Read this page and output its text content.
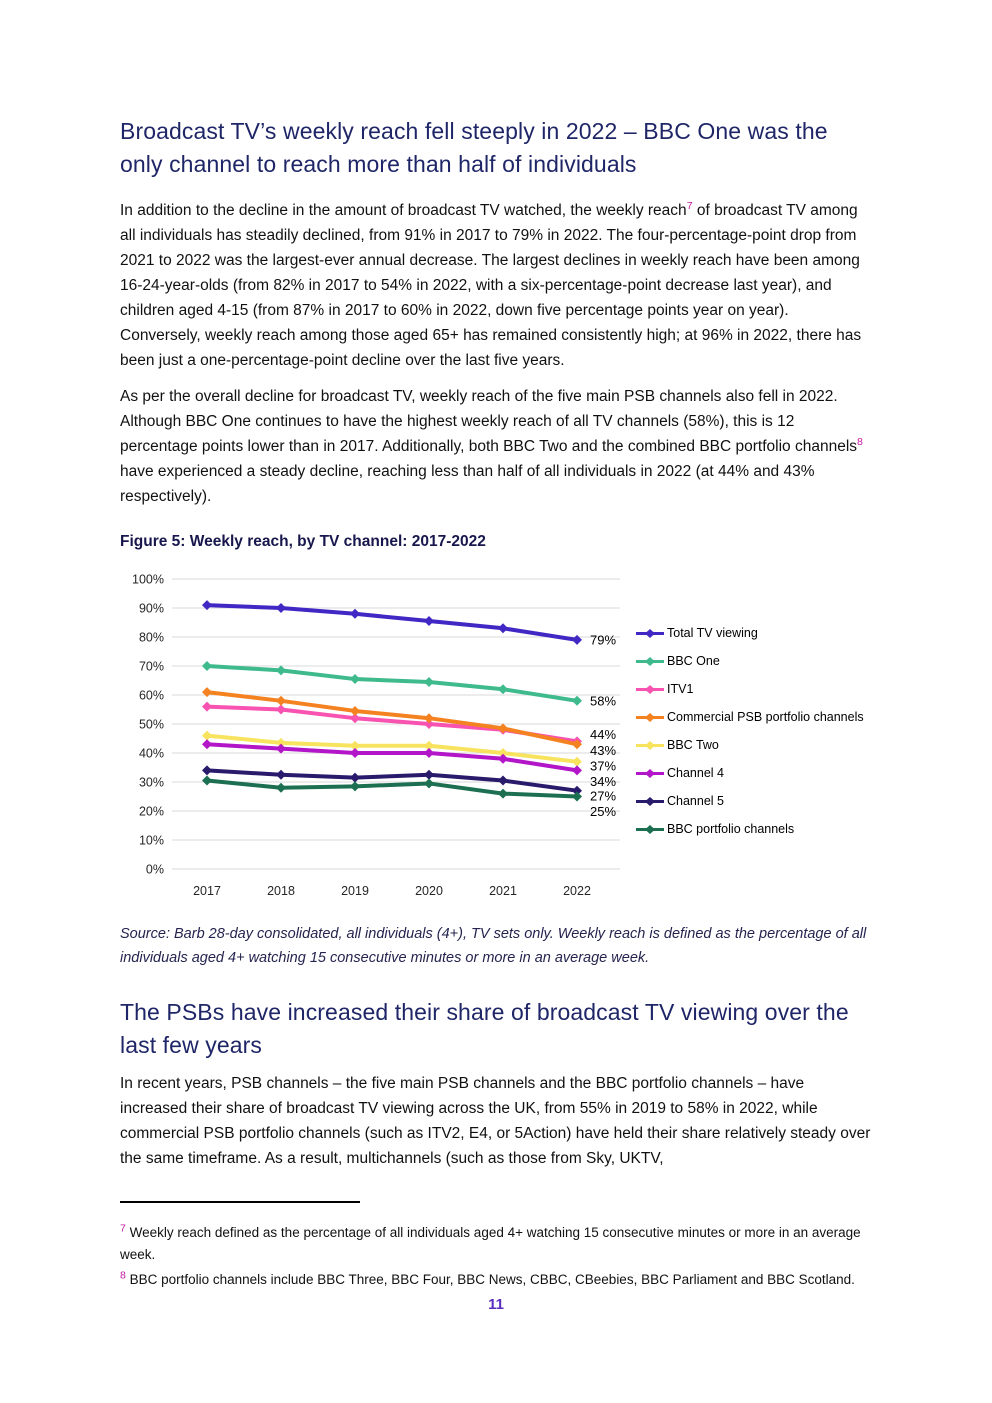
Broadcast TV’s weekly reach fell steeply in 2022 – BBC One was the only channel to reach more than half of individuals

In addition to the decline in the amount of broadcast TV watched, the weekly reach$^7$ of broadcast TV among all individuals has steadily declined, from 91% in 2017 to 79% in 2022. The four-percentage-point drop from 2021 to 2022 was the largest-ever annual decrease. The largest declines in weekly reach have been among 16-24-year-olds (from 82% in 2017 to 54% in 2022, with a six-percentage-point decrease last year), and children aged 4-15 (from 87% in 2017 to 60% in 2022, down five percentage points year on year). Conversely, weekly reach among those aged 65+ has remained consistently high; at 96% in 2022, there has been just a one-percentage-point decline over the last five years.

As per the overall decline for broadcast TV, weekly reach of the five main PSB channels also fell in 2022. Although BBC One continues to have the highest weekly reach of all TV channels (58%), this is 12 percentage points lower than in 2017. Additionally, both BBC Two and the combined BBC portfolio channels$^8$ have experienced a steady decline, reaching less than half of all individuals in 2022 (at 44% and 43% respectively).

Figure 5: Weekly reach, by TV channel: 2017-2022

0%
10%
20%
30%
40%
50%
60%
70%
80%
90%
100%
2017	2018	2019	2020	2021	2022
79%
58%
44%
43%
37%
34%
27%
25%
Total TV viewing
BBC One
ITV1
Commercial PSB portfolio channels
BBC Two
Channel 4
Channel 5
BBC portfolio channels

Source: Barb 28-day consolidated, all individuals (4+), TV sets only. Weekly reach is defined as the percentage of all individuals aged 4+ watching 15 consecutive minutes or more in an average week.

The PSBs have increased their share of broadcast TV viewing over the last few years

In recent years, PSB channels – the five main PSB channels and the BBC portfolio channels – have increased their share of broadcast TV viewing across the UK, from 55% in 2019 to 58% in 2022, while commercial PSB portfolio channels (such as ITV2, E4, or 5Action) have held their share relatively steady over the same timeframe. As a result, multichannels (such as those from Sky, UKTV,

$^7$ Weekly reach defined as the percentage of all individuals aged 4+ watching 15 consecutive minutes or more in an average week.
$^8$ BBC portfolio channels include BBC Three, BBC Four, BBC News, CBBC, CBeebies, BBC Parliament and BBC Scotland.
11
